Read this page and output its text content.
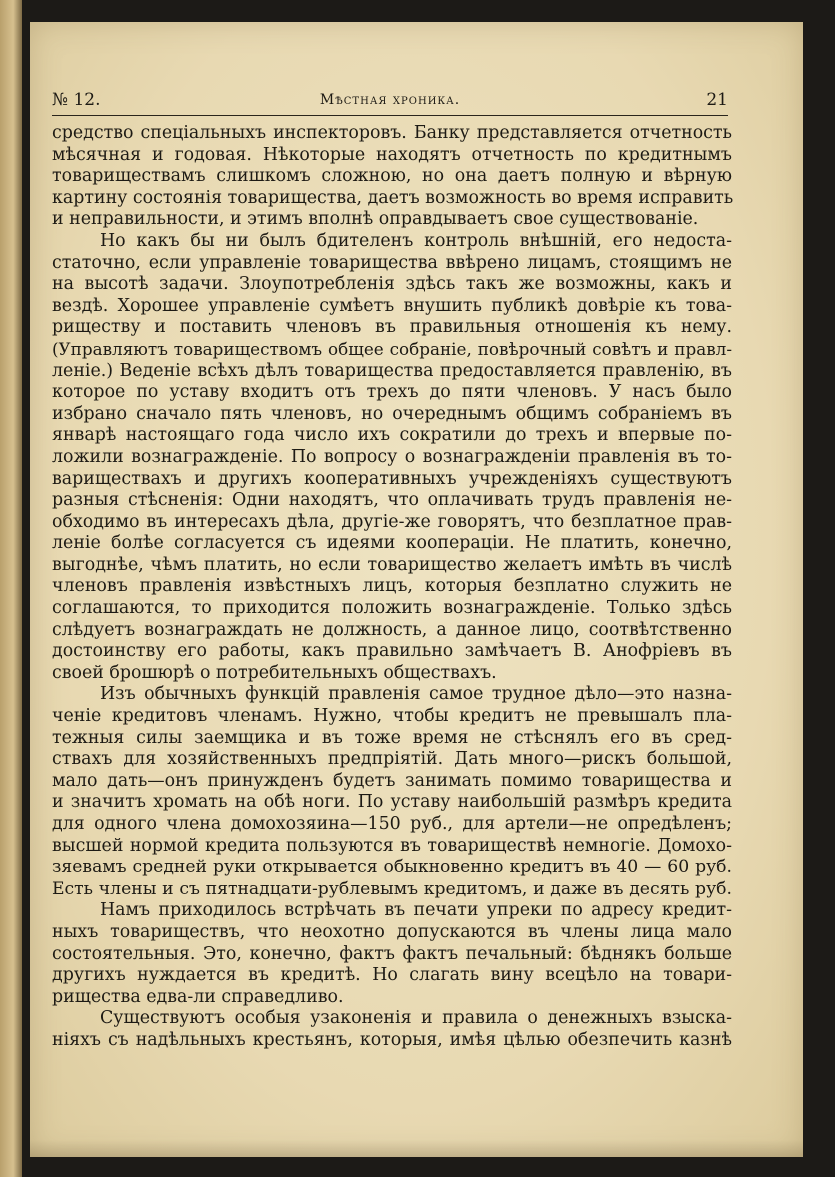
№ 12.	Мѣстная хроника.	21
средство спеціальныхъ инспекторовъ. Банку представляется отчетность
мѣсячная и годовая. Нѣкоторые находятъ отчетность по кредитнымъ
товариществамъ слишкомъ сложною, но она даетъ полную и вѣрную
картину состоянія товарищества, даетъ возможность во время исправить
и неправильности, и этимъ вполнѣ оправдываетъ свое существованіе.
Но какъ бы ни былъ бдителенъ контроль внѣшній, его недоста-
статочно, если управленіе товарищества ввѣрено лицамъ, стоящимъ не
на высотѣ задачи. Злоупотребленія здѣсь такъ же возможны, какъ и
вездѣ. Хорошее управленіе сумѣетъ внушить публикѣ довѣріе къ това-
риществу и поставить членовъ въ правильныя отношенія къ нему.
(Управляютъ товариществомъ общее собраніе, повѣрочный совѣтъ и правл-
леніе.) Веденіе всѣхъ дѣлъ товарищества предоставляется правленію, въ
которое по уставу входитъ отъ трехъ до пяти членовъ. У насъ было
избрано сначало пять членовъ, но очереднымъ общимъ собраніемъ въ
январѣ настоящаго года число ихъ сократили до трехъ и впервые по-
ложили вознагражденіе. По вопросу о вознагражденіи правленія въ то-
вариществахъ и другихъ кооперативныхъ учрежденіяхъ существуютъ
разныя стѣсненія: Одни находятъ, что оплачивать трудъ правленія не-
обходимо въ интересахъ дѣла, другіе-же говорятъ, что безплатное прав-
леніе болѣе согласуется съ идеями коопераціи. Не платить, конечно,
выгоднѣе, чѣмъ платить, но если товарищество желаетъ имѣть въ числѣ
членовъ правленія извѣстныхъ лицъ, которыя безплатно служить не
соглашаются, то приходится положить вознагражденіе. Только здѣсь
слѣдуетъ вознаграждать не должность, а данное лицо, соотвѣтственно
достоинству его работы, какъ правильно замѣчаетъ В. Анофріевъ въ
своей брошюрѣ о потребительныхъ обществахъ.
Изъ обычныхъ функцій правленія самое трудное дѣло—это назна-
ченіе кредитовъ членамъ. Нужно, чтобы кредитъ не превышалъ пла-
тежныя силы заемщика и въ тоже время не стѣснялъ его въ сред-
ствахъ для хозяйственныхъ предпріятій. Дать много—рискъ большой,
мало дать—онъ принужденъ будетъ занимать помимо товарищества и
и значитъ хромать на обѣ ноги. По уставу наибольшій размѣръ кредита
для одного члена домохозяина—150 руб., для артели—не опредѣленъ;
высшей нормой кредита пользуются въ товариществѣ немногіе. Домохо-
зяевамъ средней руки открывается обыкновенно кредитъ въ 40 — 60 руб.
Есть члены и съ пятнадцати-рублевымъ кредитомъ, и даже въ десять руб.
Намъ приходилось встрѣчать въ печати упреки по адресу кредит-
ныхъ товариществъ, что неохотно допускаются въ члены лица мало
состоятельныя. Это, конечно, фактъ фактъ печальный: бѣднякъ больше
другихъ нуждается въ кредитѣ. Но слагать вину всецѣло на товари-
рищества едва-ли справедливо.
Существуютъ особыя узаконенія и правила о денежныхъ взыска-
ніяхъ съ надѣльныхъ крестьянъ, которыя, имѣя цѣлью обезпечить казнѣ
